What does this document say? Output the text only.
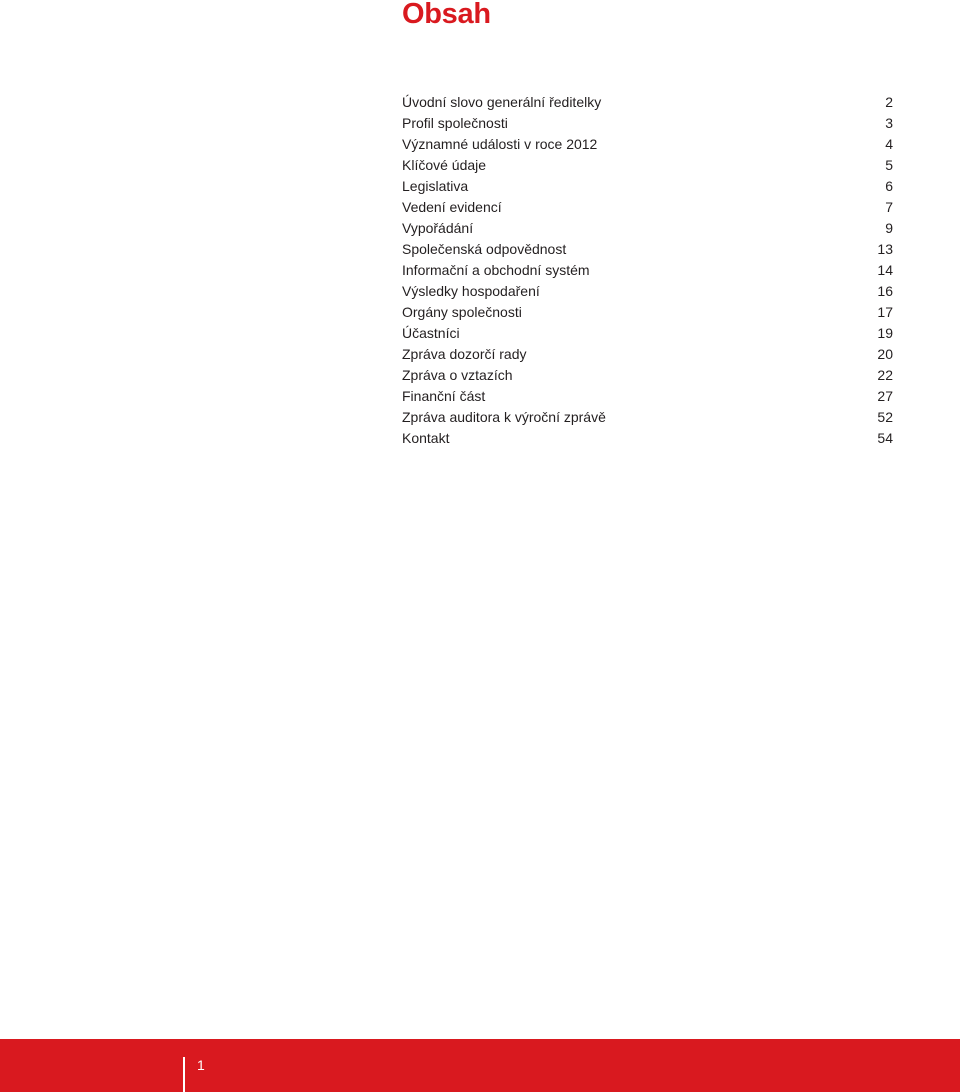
Obsah
Úvodní slovo generální ředitelky	2
Profil společnosti	3
Významné události v roce 2012	4
Klíčové údaje	5
Legislativa	6
Vedení evidencí	7
Vypořádání	9
Společenská odpovědnost	13
Informační a obchodní systém	14
Výsledky hospodaření	16
Orgány společnosti	17
Účastníci	19
Zpráva dozorčí rady	20
Zpráva o vztazích	22
Finanční část	27
Zpráva auditora k výroční zprávě	52
Kontakt	54
1
